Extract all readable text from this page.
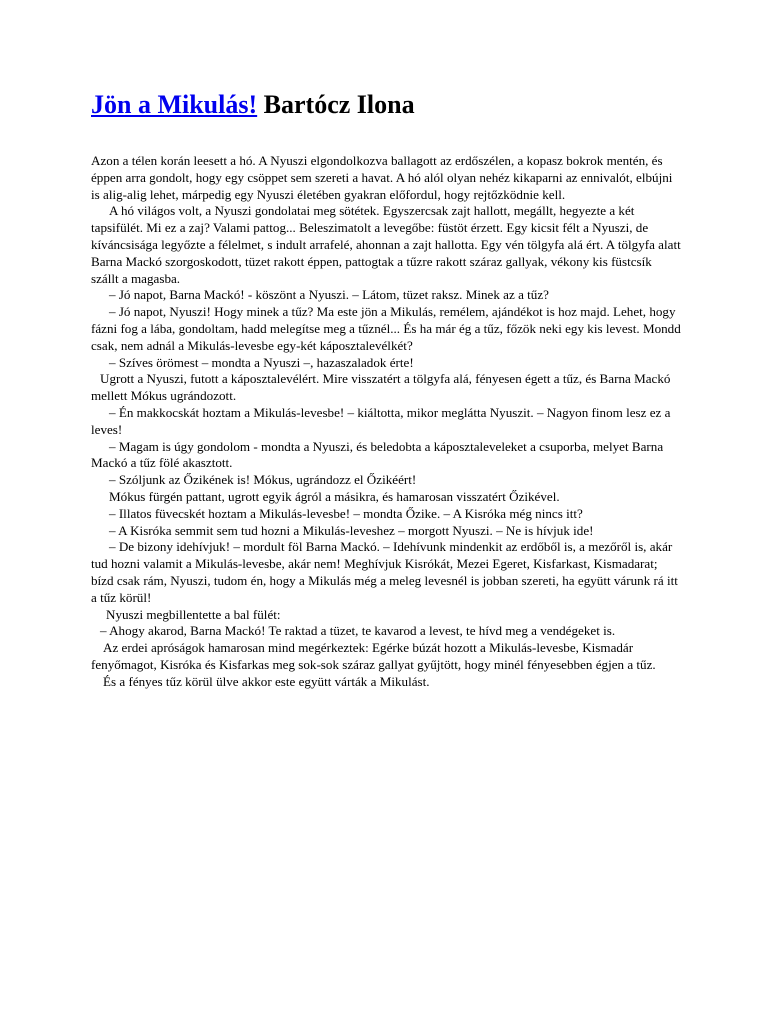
Jön a Mikulás! Bartócz Ilona

Azon a télen korán leesett a hó. A Nyuszi elgondolkozva ballagott az erdőszélen, a kopasz bokrok mentén, és éppen arra gondolt, hogy egy csöppet sem szereti a havat. A hó alól olyan nehéz kikaparni az ennivalót, elbújni is alig-alig lehet, márpedig egy Nyuszi életében gyakran előfordul, hogy rejtőzködnie kell.

A hó világos volt, a Nyuszi gondolatai meg sötétek. Egyszercsak zajt hallott, megállt, hegyezte a két tapsifülét. Mi ez a zaj? Valami pattog... Beleszimatolt a levegőbe: füstöt érzett. Egy kicsit félt a Nyuszi, de kíváncsisága legyőzte a félelmet, s indult arrafelé, ahonnan a zajt hallotta. Egy vén tölgyfa alá ért. A tölgyfa alatt Barna Mackó szorgoskodott, tüzet rakott éppen, pattogtak a tűzre rakott száraz gallyak, vékony kis füstcsík szállt a magasba.

– Jó napot, Barna Mackó! - köszönt a Nyuszi. – Látom, tüzet raksz. Minek az a tűz?

– Jó napot, Nyuszi! Hogy minek a tűz? Ma este jön a Mikulás, remélem, ajándékot is hoz majd. Lehet, hogy fázni fog a lába, gondoltam, hadd melegítse meg a tűznél... És ha már ég a tűz, főzök neki egy kis levest. Mondd csak, nem adnál a Mikulás-levesbe egy-két káposztalevélkét?

– Szíves örömest – mondta a Nyuszi –, hazaszaladok érte!

Ugrott a Nyuszi, futott a káposztalevélért. Mire visszatért a tölgyfa alá, fényesen égett a tűz, és Barna Mackó mellett Mókus ugrándozott.

– Én makkocskát hoztam a Mikulás-levesbe! – kiáltotta, mikor meglátta Nyuszit. – Nagyon finom lesz ez a leves!

– Magam is úgy gondolom - mondta a Nyuszi, és beledobta a káposztaleveleket a csuporba, melyet Barna Mackó a tűz fölé akasztott.

– Szóljunk az Őzikének is! Mókus, ugrándozz el Őzikéért!

Mókus fürgén pattant, ugrott egyik ágról a másikra, és hamarosan visszatért Őzikével.

– Illatos füvecskét hoztam a Mikulás-levesbe! – mondta Őzike. – A Kisróka még nincs itt?

– A Kisróka semmit sem tud hozni a Mikulás-leveshez – morgott Nyuszi. – Ne is hívjuk ide!

– De bizony idehívjuk! – mordult föl Barna Mackó. – Idehívunk mindenkit az erdőből is, a mezőről is, akár tud hozni valamit a Mikulás-levesbe, akár nem! Meghívjuk Kisrókát, Mezei Egeret, Kisfarkast, Kismadarat; bízd csak rám, Nyuszi, tudom én, hogy a Mikulás még a meleg levesnél is jobban szereti, ha együtt várunk rá itt a tűz körül!

Nyuszi megbillentette a bal fülét:

– Ahogy akarod, Barna Mackó! Te raktad a tüzet, te kavarod a levest, te hívd meg a vendégeket is.

Az erdei apróságok hamarosan mind megérkeztek: Egérke búzát hozott a Mikulás-levesbe, Kismadár fenyőmagot, Kisróka és Kisfarkas meg sok-sok száraz gallyat gyűjtött, hogy minél fényesebben égjen a tűz.

És a fényes tűz körül ülve akkor este együtt várták a Mikulást.
